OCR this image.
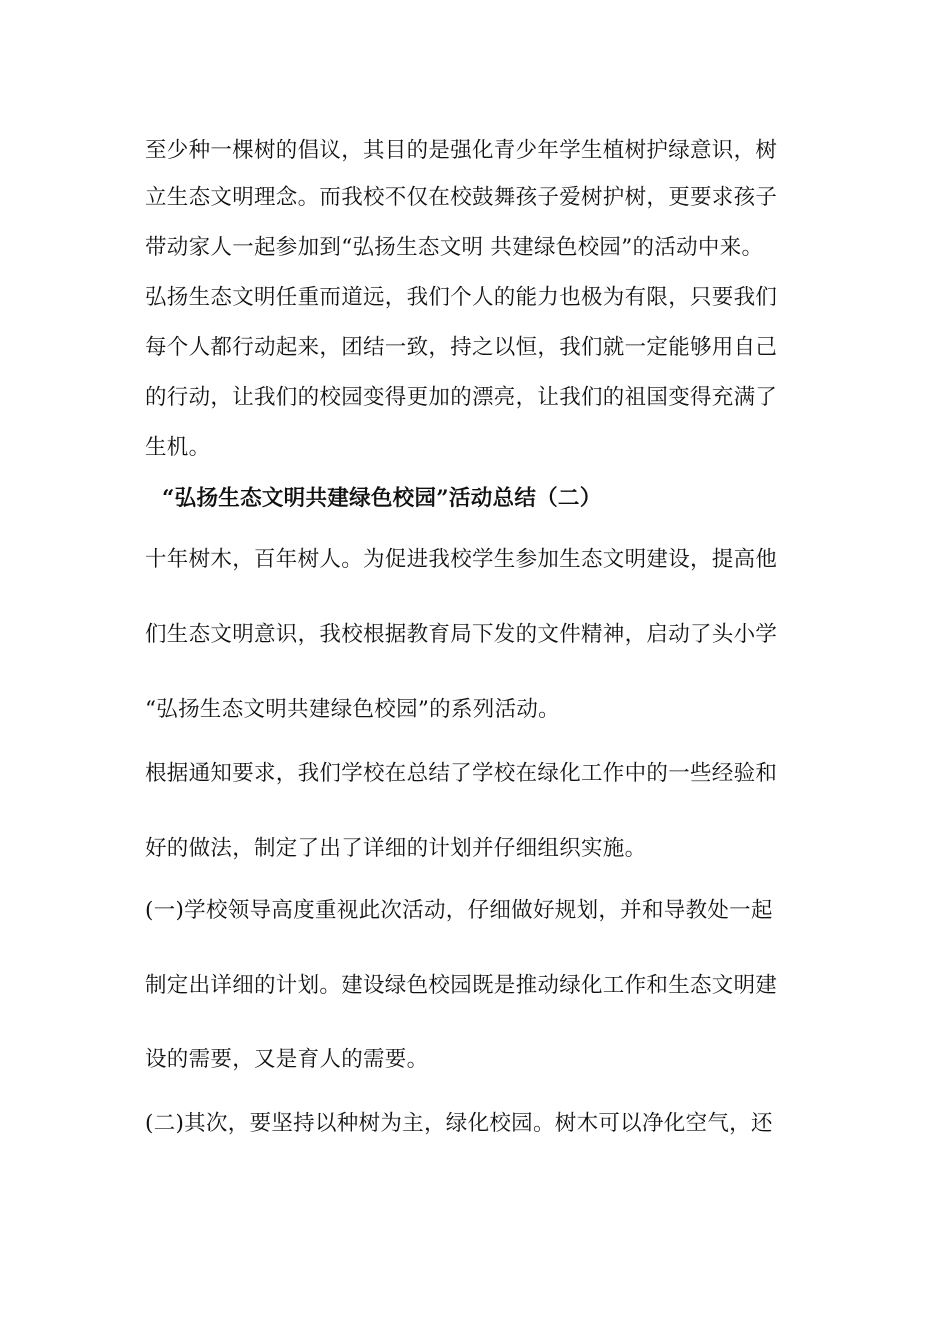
至少种一棵树的倡议，其目的是强化青少年学生植树护绿意识，树
立生态文明理念。而我校不仅在校鼓舞孩子爱树护树，更要求孩子
带动家人一起参加到“弘扬生态文明 共建绿色校园”的活动中来。
弘扬生态文明任重而道远，我们个人的能力也极为有限，只要我们
每个人都行动起来，团结一致，持之以恒，我们就一定能够用自己
的行动，让我们的校园变得更加的漂亮，让我们的祖国变得充满了
生机。
“弘扬生态文明共建绿色校园”活动总结（二）
十年树木，百年树人。为促进我校学生参加生态文明建设，提高他
们生态文明意识，我校根据教育局下发的文件精神，启动了头小学
“弘扬生态文明共建绿色校园”的系列活动。
根据通知要求，我们学校在总结了学校在绿化工作中的一些经验和
好的做法，制定了出了详细的计划并仔细组织实施。
(一)学校领导高度重视此次活动，仔细做好规划，并和导教处一起
制定出详细的计划。建设绿色校园既是推动绿化工作和生态文明建
设的需要，又是育人的需要。
(二)其次，要坚持以种树为主，绿化校园。树木可以净化空气，还
